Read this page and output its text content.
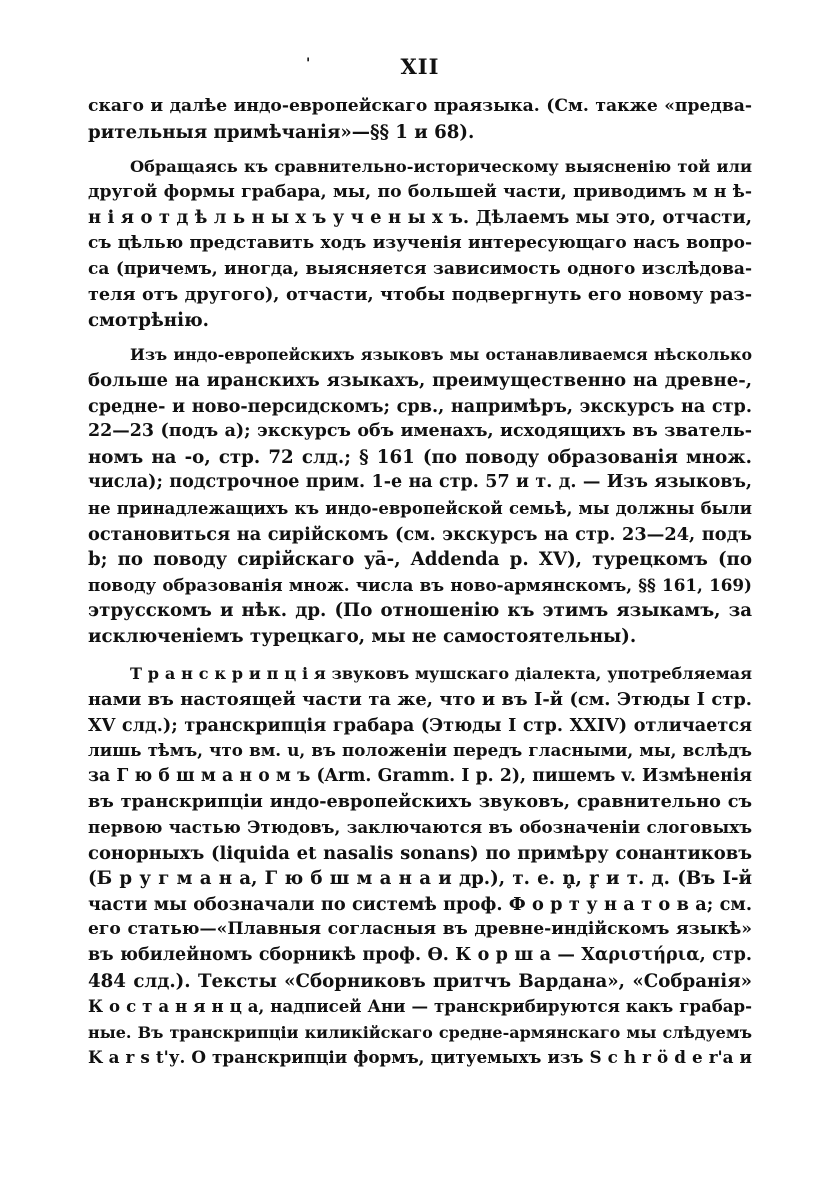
'	XII
скаго и далѣе индо-европейскаго праязыка. (См. также «предва-
рительныя примѣчанія»—§§ 1 и 68).
Обращаясь къ сравнительно-историческому выясненію той или
другой формы грабара, мы, по большей части, приводимъ м н ѣ-
н і я о т д ѣ л ь н ы х ъ у ч е н ы х ъ. Дѣлаемъ мы это, отчасти,
съ цѣлью представить ходъ изученія интересующаго насъ вопро-
са (причемъ, иногда, выясняется зависимость одного изслѣдова-
теля отъ другого), отчасти, чтобы подвергнуть его новому раз-
смотрѣнію.
Изъ индо-европейскихъ языковъ мы останавливаемся нѣсколько
больше на иранскихъ языкахъ, преимущественно на древне-,
средне- и ново-персидскомъ; срв., напримѣръ, экскурсъ на стр.
22—23 (подъ а); экскурсъ объ именахъ, исходящихъ въ зватель-
номъ на -о, стр. 72 слд.; § 161 (по поводу образованія множ.
числа); подстрочное прим. 1-е на стр. 57 и т. д. — Изъ языковъ,
не принадлежащихъ къ индо-европейской семьѣ, мы должны были
остановиться на сирійскомъ (см. экскурсъ на стр. 23—24, подъ
b; по поводу сирійскаго yā-, Addenda p. XV), турецкомъ (по
поводу образованія множ. числа въ ново-армянскомъ, §§ 161, 169)
этрусскомъ и нѣк. др. (По отношенію къ этимъ языкамъ, за
исключеніемъ турецкаго, мы не самостоятельны).
Т р а н с к р и п ц і я звуковъ мушскаго діалекта, употребляемая
нами въ настоящей части та же, что и въ I-й (см. Этюды I стр.
XV слд.); транскрипція грабара (Этюды I стр. XXIV) отличается
лишь тѣмъ, что вм. u, въ положеніи передъ гласными, мы, вслѣдъ
за Г ю б ш м а н о м ъ (Arm. Gramm. I p. 2), пишемъ v. Измѣненія
въ транскрипціи индо-европейскихъ звуковъ, сравнительно съ
первою частью Этюдовъ, заключаются въ обозначеніи слоговыхъ
сонорныхъ (liquida et nasalis sonans) по примѣру сонантиковъ
(Б р у г м а н а, Г ю б ш м а н а и др.), т. е. n̥, r̥ и т. д. (Въ I-й
части мы обозначали по системѣ проф. Ф о р т у н а т о в а; см.
его статью—«Плавныя согласныя въ древне-индійскомъ языкѣ»
въ юбилейномъ сборникѣ проф. Ѳ. К о р ш а — Χαριστήρια, стр.
484 слд.). Тексты «Сборниковъ притчъ Вардана», «Собранія»
К о с т а н я н ц а, надписей Ани — транскрибируются какъ грабар-
ные. Въ транскрипціи киликійскаго средне-армянскаго мы слѣдуемъ
K a r s t'у. О транскрипціи формъ, цитуемыхъ изъ S c h r ö d e r'а и
